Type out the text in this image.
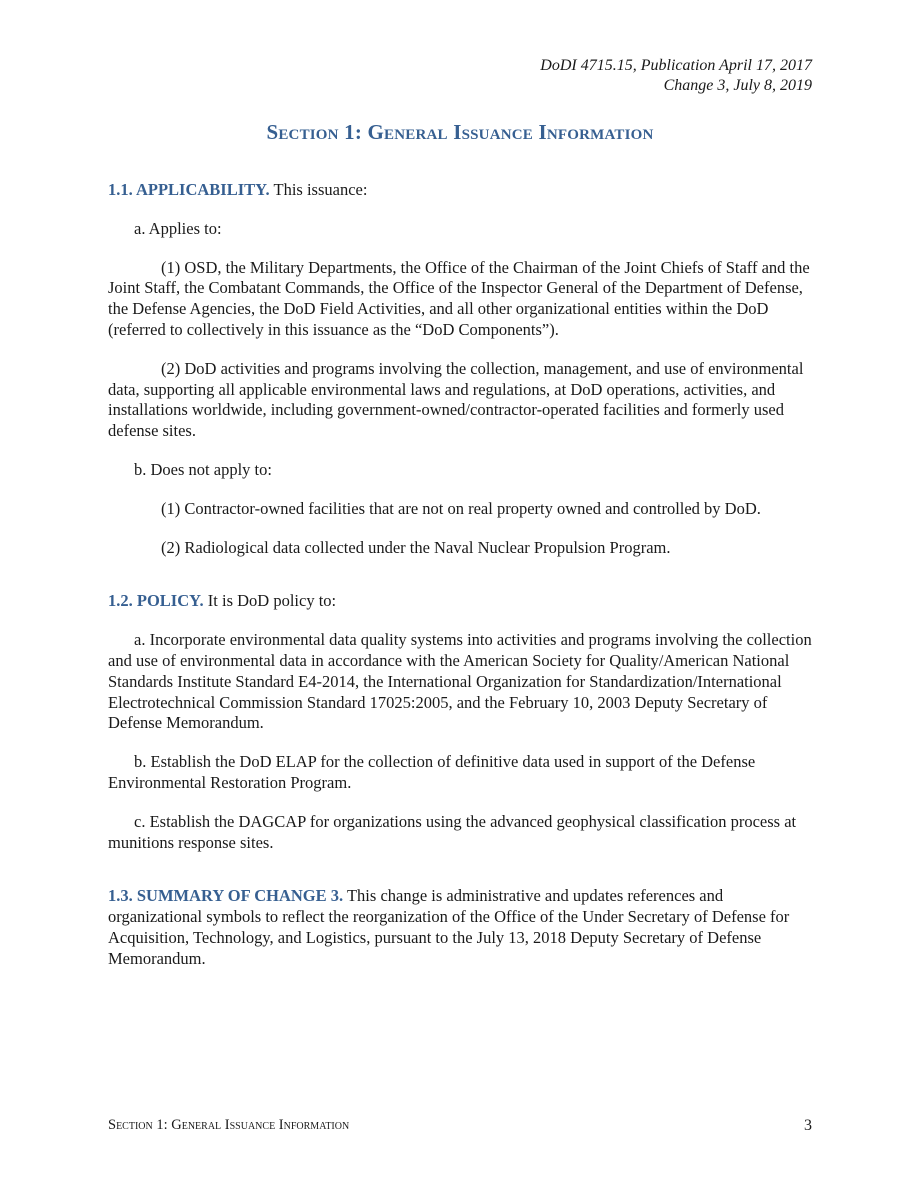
DoDI 4715.15, Publication April 17, 2017
Change 3, July 8, 2019
Section 1: General Issuance Information

1.1. APPLICABILITY. This issuance:

a. Applies to:

(1) OSD, the Military Departments, the Office of the Chairman of the Joint Chiefs of Staff and the Joint Staff, the Combatant Commands, the Office of the Inspector General of the Department of Defense, the Defense Agencies, the DoD Field Activities, and all other organizational entities within the DoD (referred to collectively in this issuance as the “DoD Components”).

(2) DoD activities and programs involving the collection, management, and use of environmental data, supporting all applicable environmental laws and regulations, at DoD operations, activities, and installations worldwide, including government-owned/contractor-operated facilities and formerly used defense sites.

b. Does not apply to:

(1) Contractor-owned facilities that are not on real property owned and controlled by DoD.

(2) Radiological data collected under the Naval Nuclear Propulsion Program.

1.2. POLICY. It is DoD policy to:

a. Incorporate environmental data quality systems into activities and programs involving the collection and use of environmental data in accordance with the American Society for Quality/American National Standards Institute Standard E4-2014, the International Organization for Standardization/International Electrotechnical Commission Standard 17025:2005, and the February 10, 2003 Deputy Secretary of Defense Memorandum.

b. Establish the DoD ELAP for the collection of definitive data used in support of the Defense Environmental Restoration Program.

c. Establish the DAGCAP for organizations using the advanced geophysical classification process at munitions response sites.

1.3. SUMMARY OF CHANGE 3. This change is administrative and updates references and organizational symbols to reflect the reorganization of the Office of the Under Secretary of Defense for Acquisition, Technology, and Logistics, pursuant to the July 13, 2018 Deputy Secretary of Defense Memorandum.

Section 1: General Issuance Information	3
